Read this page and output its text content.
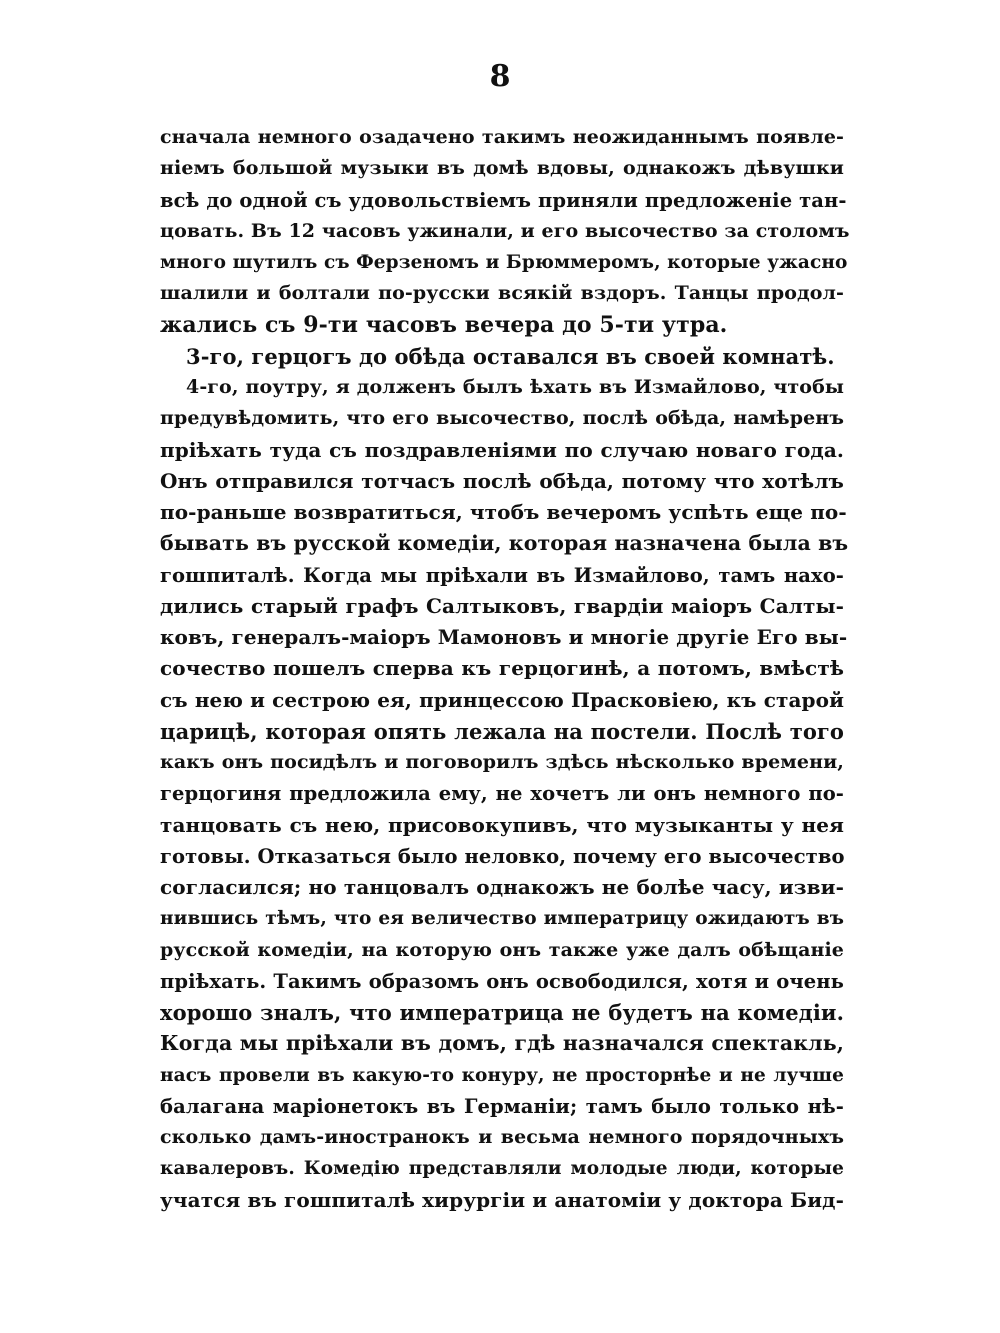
8
сначала немного озадачено такимъ неожиданнымъ появле-
нiемъ большой музыки въ домѣ вдовы, однакожъ дѣвушки
всѣ до одной съ удовольствiемъ приняли предложенiе тан-
цовать. Въ 12 часовъ ужинали, и его высочество за столомъ
много шутилъ съ Ферзеномъ и Брюммеромъ, которые ужасно
шалили и болтали по-русски всякiй вздоръ. Танцы продол-
жались съ 9-ти часовъ вечера до 5-ти утра.
3-го, герцогъ до обѣда оставался въ своей комнатѣ.
4-го, поутру, я долженъ былъ ѣхать въ Измайлово, чтобы
предувѣдомить, что его высочество, послѣ обѣда, намѣренъ
прiѣхать туда съ поздравленiями по случаю новаго года.
Онъ отправился тотчасъ послѣ обѣда, потому что хотѣлъ
по-раньше возвратиться, чтобъ вечеромъ успѣть еще по-
бывать въ русской комедiи, которая назначена была въ
гошпиталѣ. Когда мы прiѣхали въ Измайлово, тамъ нахо-
дились старый графъ Салтыковъ, гвардiи маiоръ Салты-
ковъ, генералъ-маiоръ Мамоновъ и многiе другiе Его вы-
сочество пошелъ сперва къ герцогинѣ, а потомъ, вмѣстѣ
съ нею и сестрою ея, принцессою Прасковiею, къ старой
царицѣ, которая опять лежала на постели. Послѣ того
какъ онъ посидѣлъ и поговорилъ здѣсь нѣсколько времени,
герцогиня предложила ему, не хочетъ ли онъ немного по-
танцовать съ нею, присовокупивъ, что музыканты у нея
готовы. Отказаться было неловко, почему его высочество
согласился; но танцовалъ однакожъ не болѣе часу, изви-
нившись тѣмъ, что ея величество императрицу ожидаютъ въ
русской комедiи, на которую онъ также уже далъ обѣщанiе
прiѣхать. Такимъ образомъ онъ освободился, хотя и очень
хорошо зналъ, что императрица не будетъ на комедiи.
Когда мы прiѣхали въ домъ, гдѣ назначался спектакль,
насъ провели въ какую-то конуру, не просторнѣе и не лучше
балагана марiонетокъ въ Германiи; тамъ было только нѣ-
сколько дамъ-иностранокъ и весьма немного порядочныхъ
кавалеровъ. Комедiю представляли молодые люди, которые
учатся въ гошпиталѣ хирургiи и анатомiи у доктора Бид-
